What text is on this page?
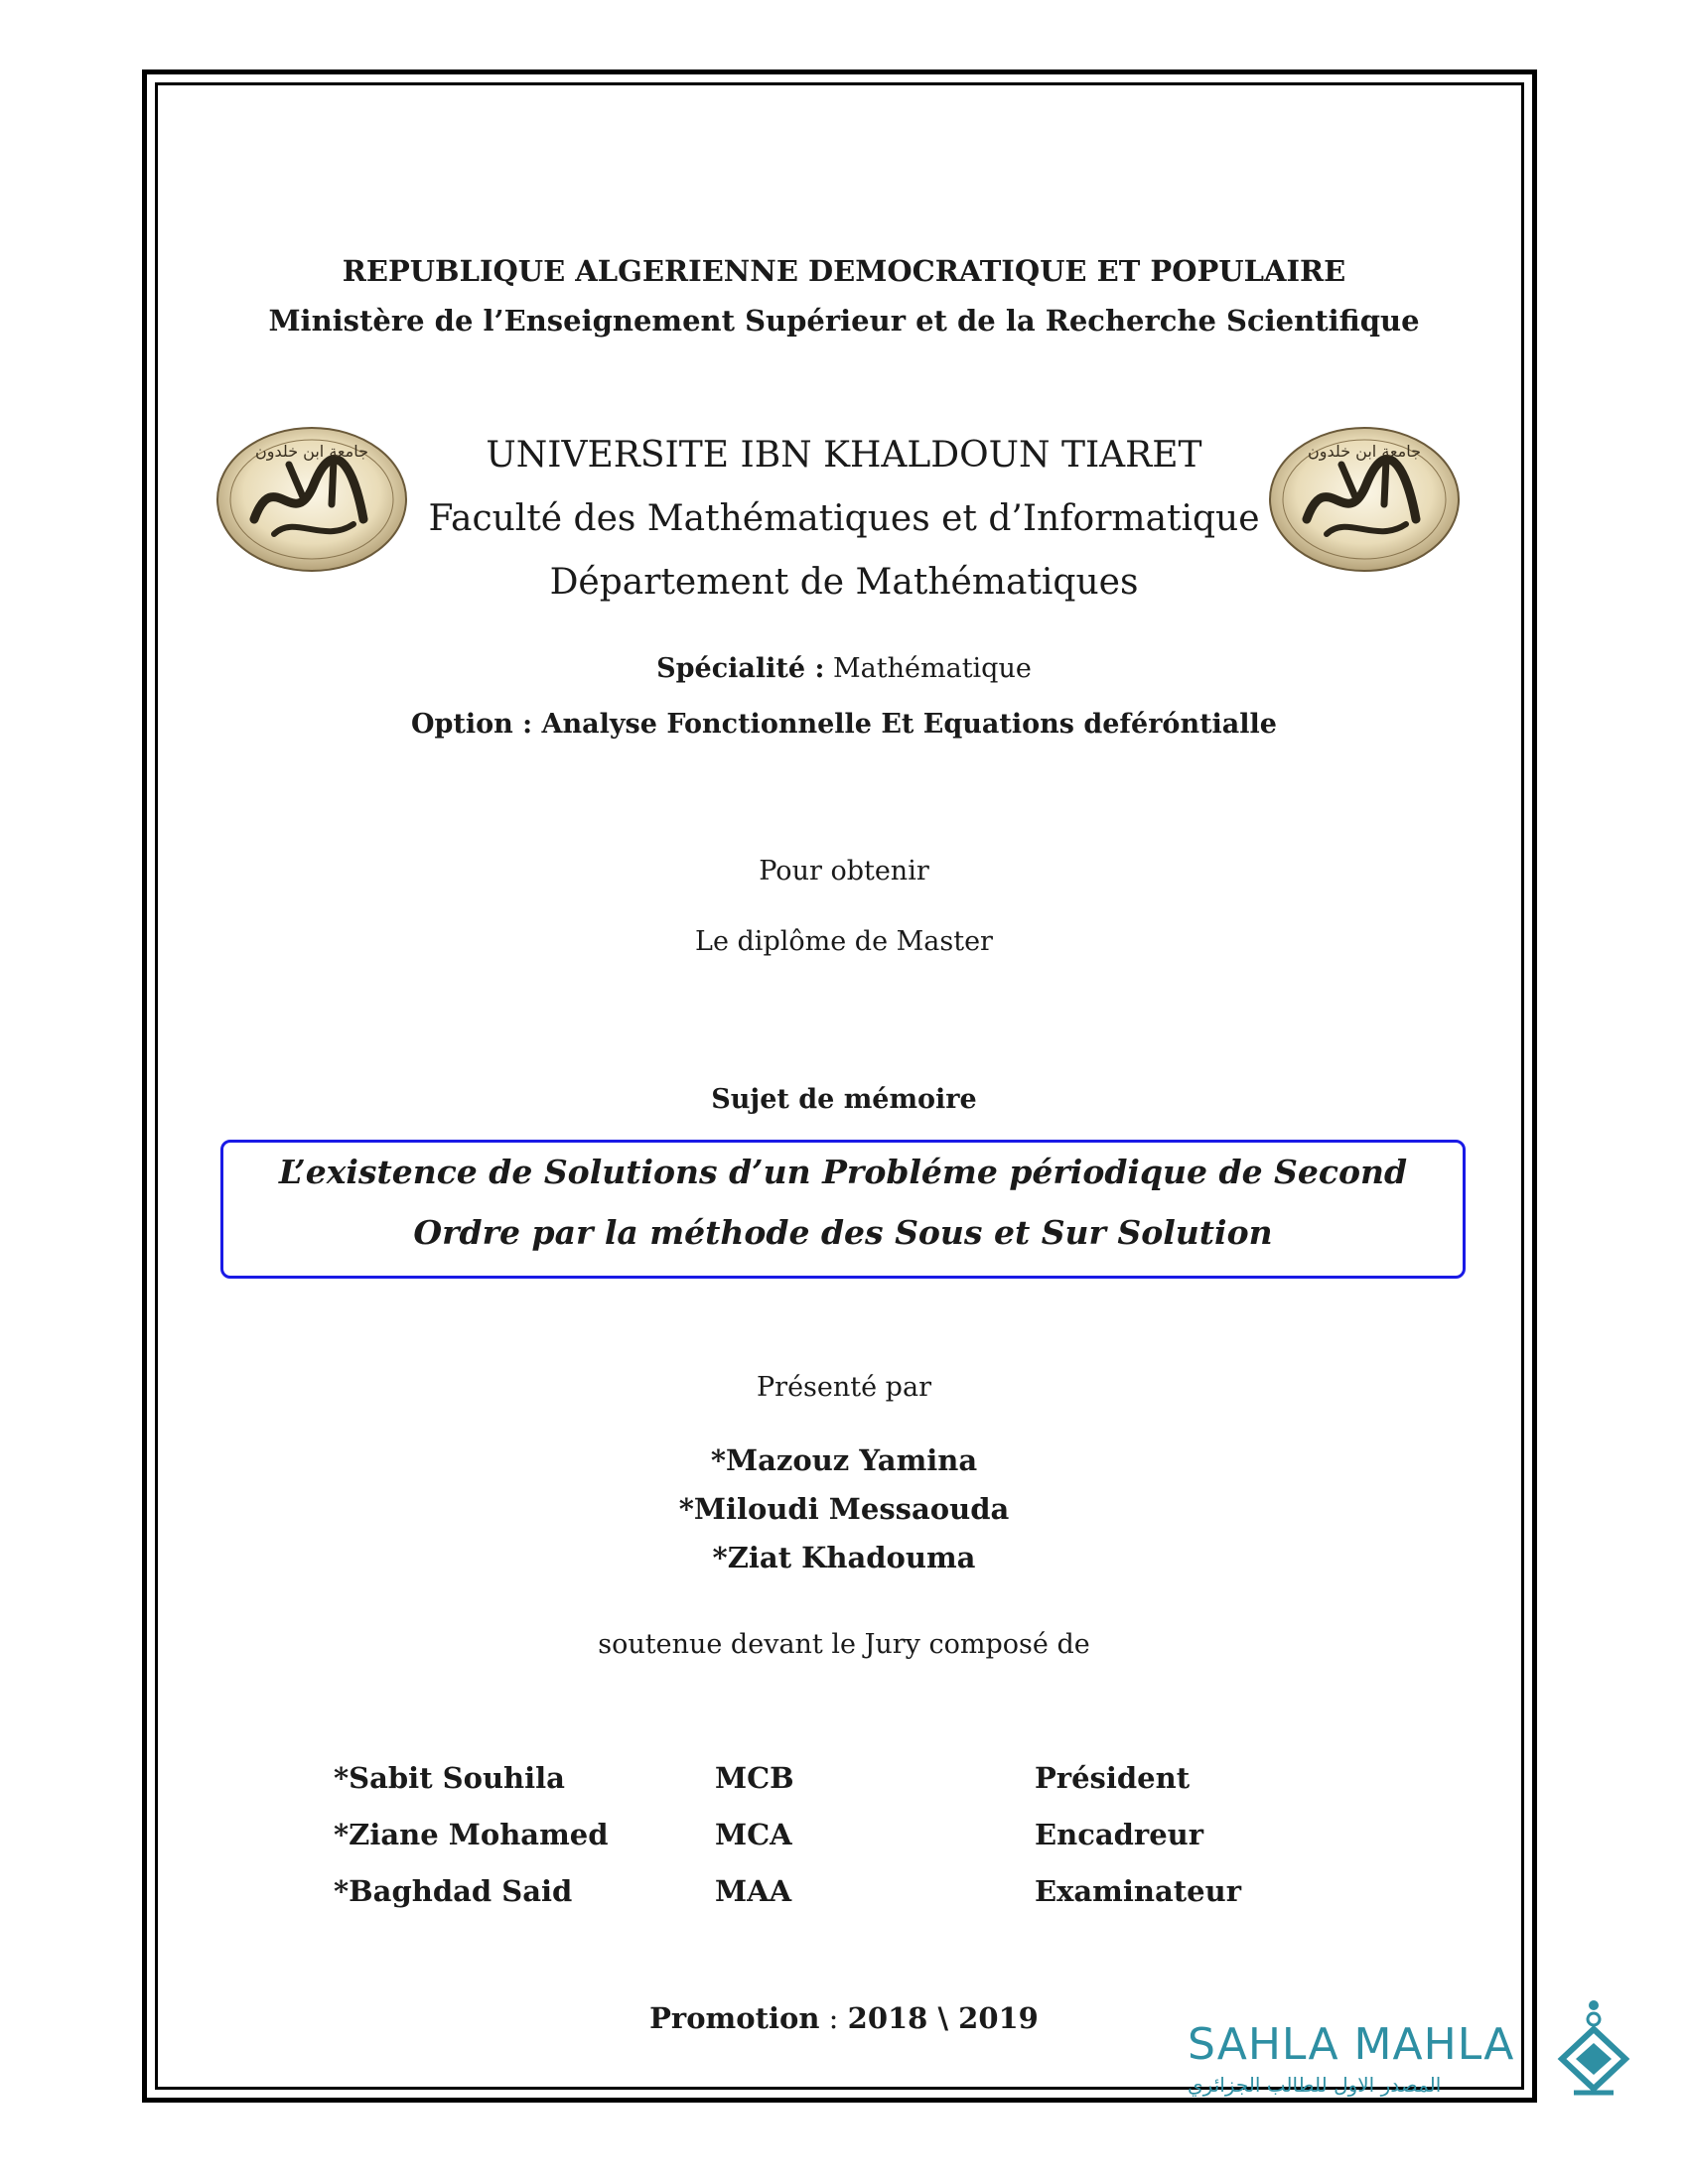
REPUBLIQUE ALGERIENNE DEMOCRATIQUE ET POPULAIRE
Ministère de l’Enseignement Supérieur et de la Recherche Scientifique
جامعة ابن خلدون	جامعة ابن خلدون
UNIVERSITE IBN KHALDOUN TIARET
Faculté des Mathématiques et d’Informatique
Département de Mathématiques
Spécialité : Mathématique
Option : Analyse Fonctionnelle Et Equations deféróntialle
Pour obtenir
Le diplôme de Master
Sujet de mémoire
L’existence de Solutions d’un Probléme périodique de Second
Ordre par la méthode des Sous et Sur Solution
Présenté par
*Mazouz Yamina
*Miloudi Messaouda
*Ziat Khadouma
soutenue devant le Jury composé de
*Sabit Souhila	MCB	Président
*Ziane Mohamed	MCA	Encadreur
*Baghdad Said	MAA	Examinateur
Promotion : 2018 \ 2019
SAHLA MAHLA
المصدر الاول للطالب الجزائري
